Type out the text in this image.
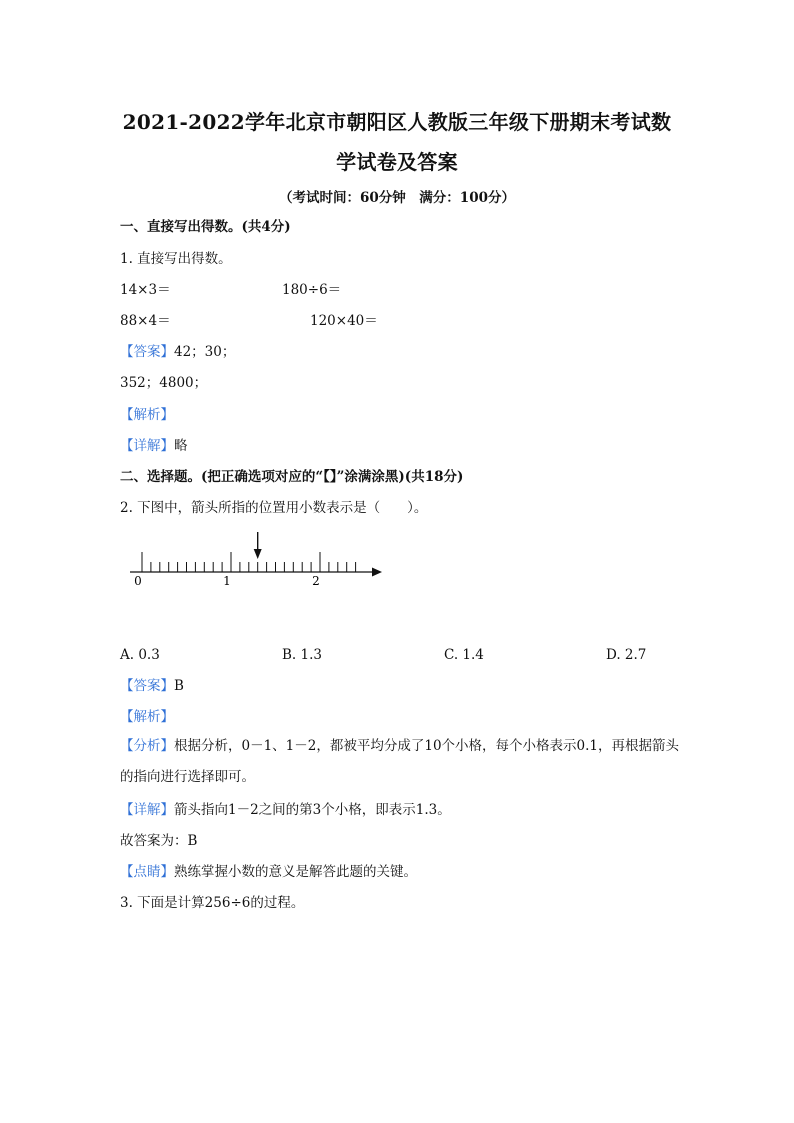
2021-2022学年北京市朝阳区人教版三年级下册期末考试数
学试卷及答案
（考试时间：60分钟　满分：100分）
一、直接写出得数。(共4分)
1. 直接写出得数。
14×3＝	180÷6＝
88×4＝	120×40＝
【答案】42；30；
352；4800；
【解析】
【详解】略
二、选择题。(把正确选项对应的“【】”涂满涂黑)(共18分)
2. 下图中，箭头所指的位置用小数表示是（　　）。
0	1	2
A. 0.3	B. 1.3	C. 1.4	D. 2.7
【答案】B
【解析】
【分析】根据分析，0－1、1－2，都被平均分成了10个小格，每个小格表示0.1，再根据箭头的指向进行选择即可。
【详解】箭头指向1－2之间的第3个小格，即表示1.3。
故答案为：B
【点睛】熟练掌握小数的意义是解答此题的关键。
3. 下面是计算256÷6的过程。
